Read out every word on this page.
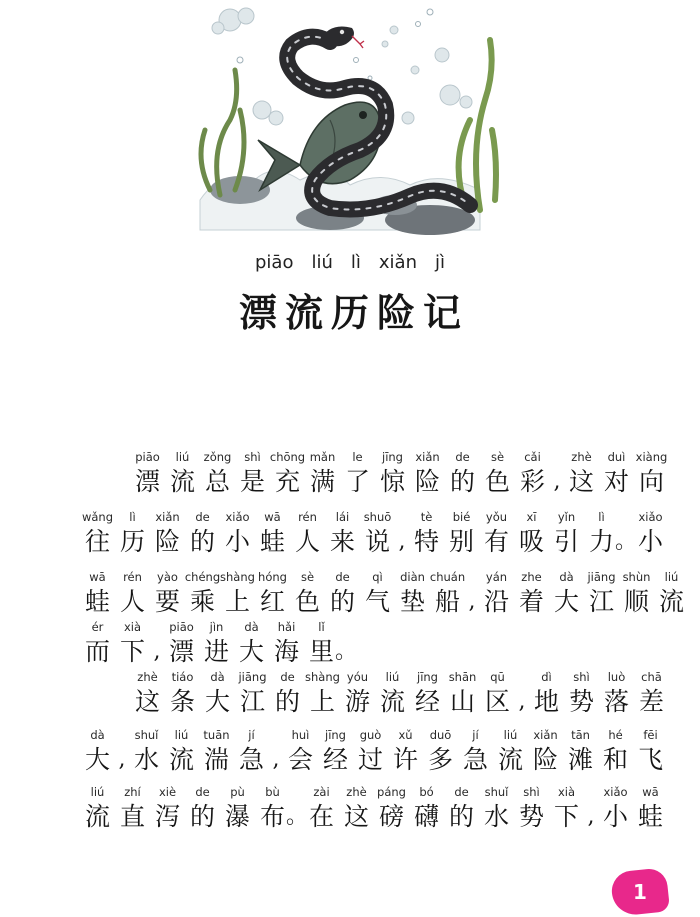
piāo liú lì xiǎn jì
漂 流 历 险 记
piāo
漂
liú
流
zǒng
总
shì
是
chōng
充
mǎn
满
le
了
jīng
惊
xiǎn
险
de
的
sè
色
cǎi
彩 ,
zhè
这
duì
对
xiàng
向
wǎng
往
lì
历
xiǎn
险
de
的
xiǎo
小
wā
蛙
rén
人
lái
来
shuō
说 ,
tè
特
bié
别
yǒu
有
xī
吸
yǐn
引
lì
力 。
xiǎo
小
wā
蛙
rén
人
yào
要
chéng
乘
shàng
上
hóng
红
sè
色
de
的
qì
气
diàn
垫
chuán
船 ,
yán
沿
zhe
着
dà
大
jiāng
江
shùn
顺
liú
流
ér
而
xià
下 ,
piāo
漂
jìn
进
dà
大
hǎi
海
lǐ
里 。
zhè
这
tiáo
条
dà
大
jiāng
江
de
的
shàng
上
yóu
游
liú
流
jīng
经
shān
山
qū
区 ,
dì
地
shì
势
luò
落
chā
差
dà
大 ,
shuǐ
水
liú
流
tuān
湍
jí
急 ,
huì
会
jīng
经
guò
过
xǔ
许
duō
多
jí
急
liú
流
xiǎn
险
tān
滩
hé
和
fēi
飞
liú
流
zhí
直
xiè
泻
de
的
pù
瀑
bù
布 。
zài
在
zhè
这
páng
磅
bó
礴
de
的
shuǐ
水
shì
势
xià
下 ,
xiǎo
小
wā
蛙
1
